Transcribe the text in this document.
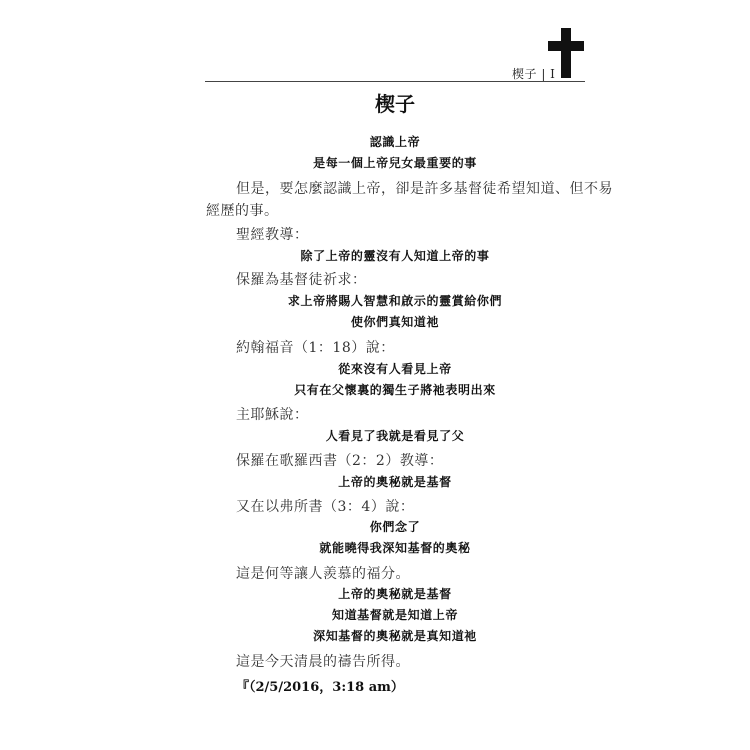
楔子 | I
楔子
認識上帝
是每一個上帝兒女最重要的事
但是，要怎麼認識上帝，卻是許多基督徒希望知道、但不易
經歷的事。
聖經教導：
除了上帝的靈沒有人知道上帝的事
保羅為基督徒祈求：
求上帝將賜人智慧和啟示的靈賞給你們
使你們真知道祂
約翰福音（1：18）說：
從來沒有人看見上帝
只有在父懷裏的獨生子將祂表明出來
主耶穌說：
人看見了我就是看見了父
保羅在歌羅西書（2：2）教導：
上帝的奧秘就是基督
又在以弗所書（3：4）說：
你們念了
就能曉得我深知基督的奧秘
這是何等讓人羨慕的福分。
上帝的奧秘就是基督
知道基督就是知道上帝
深知基督的奧秘就是真知道祂
這是今天清晨的禱告所得。
『（2/5/2016，3:18 am）
